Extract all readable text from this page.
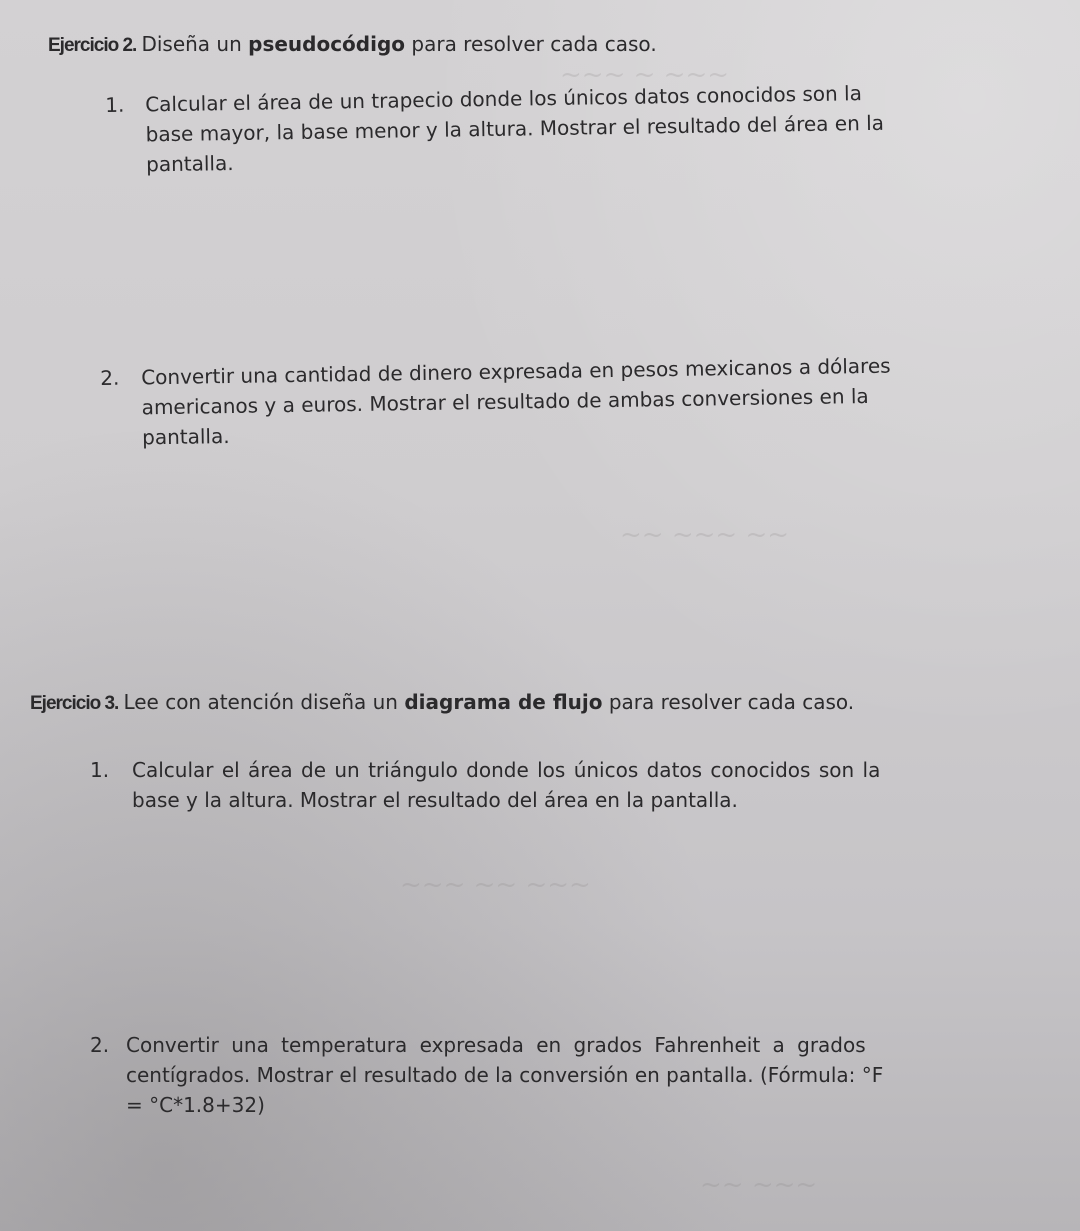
~~~ ~ ~~~
~~ ~~~ ~~
~~~ ~~ ~~~
~~ ~~~
Ejercicio 2. Diseña un pseudocódigo para resolver cada caso.

1. Calcular el área de un trapecio donde los únicos datos conocidos son la

base mayor, la base menor y la altura. Mostrar el resultado del área en la

pantalla.

2. Convertir una cantidad de dinero expresada en pesos mexicanos a dólares

americanos y a euros. Mostrar el resultado de ambas conversiones en la

pantalla.

Ejercicio 3. Lee con atención diseña un diagrama de flujo para resolver cada caso.

1. Calcular el área de un triángulo donde los únicos datos conocidos son la

base y la altura. Mostrar el resultado del área en la pantalla.

2. Convertir una temperatura expresada en grados Fahrenheit a grados

centígrados. Mostrar el resultado de la conversión en pantalla. (Fórmula: °F

= °C*1.8+32)
